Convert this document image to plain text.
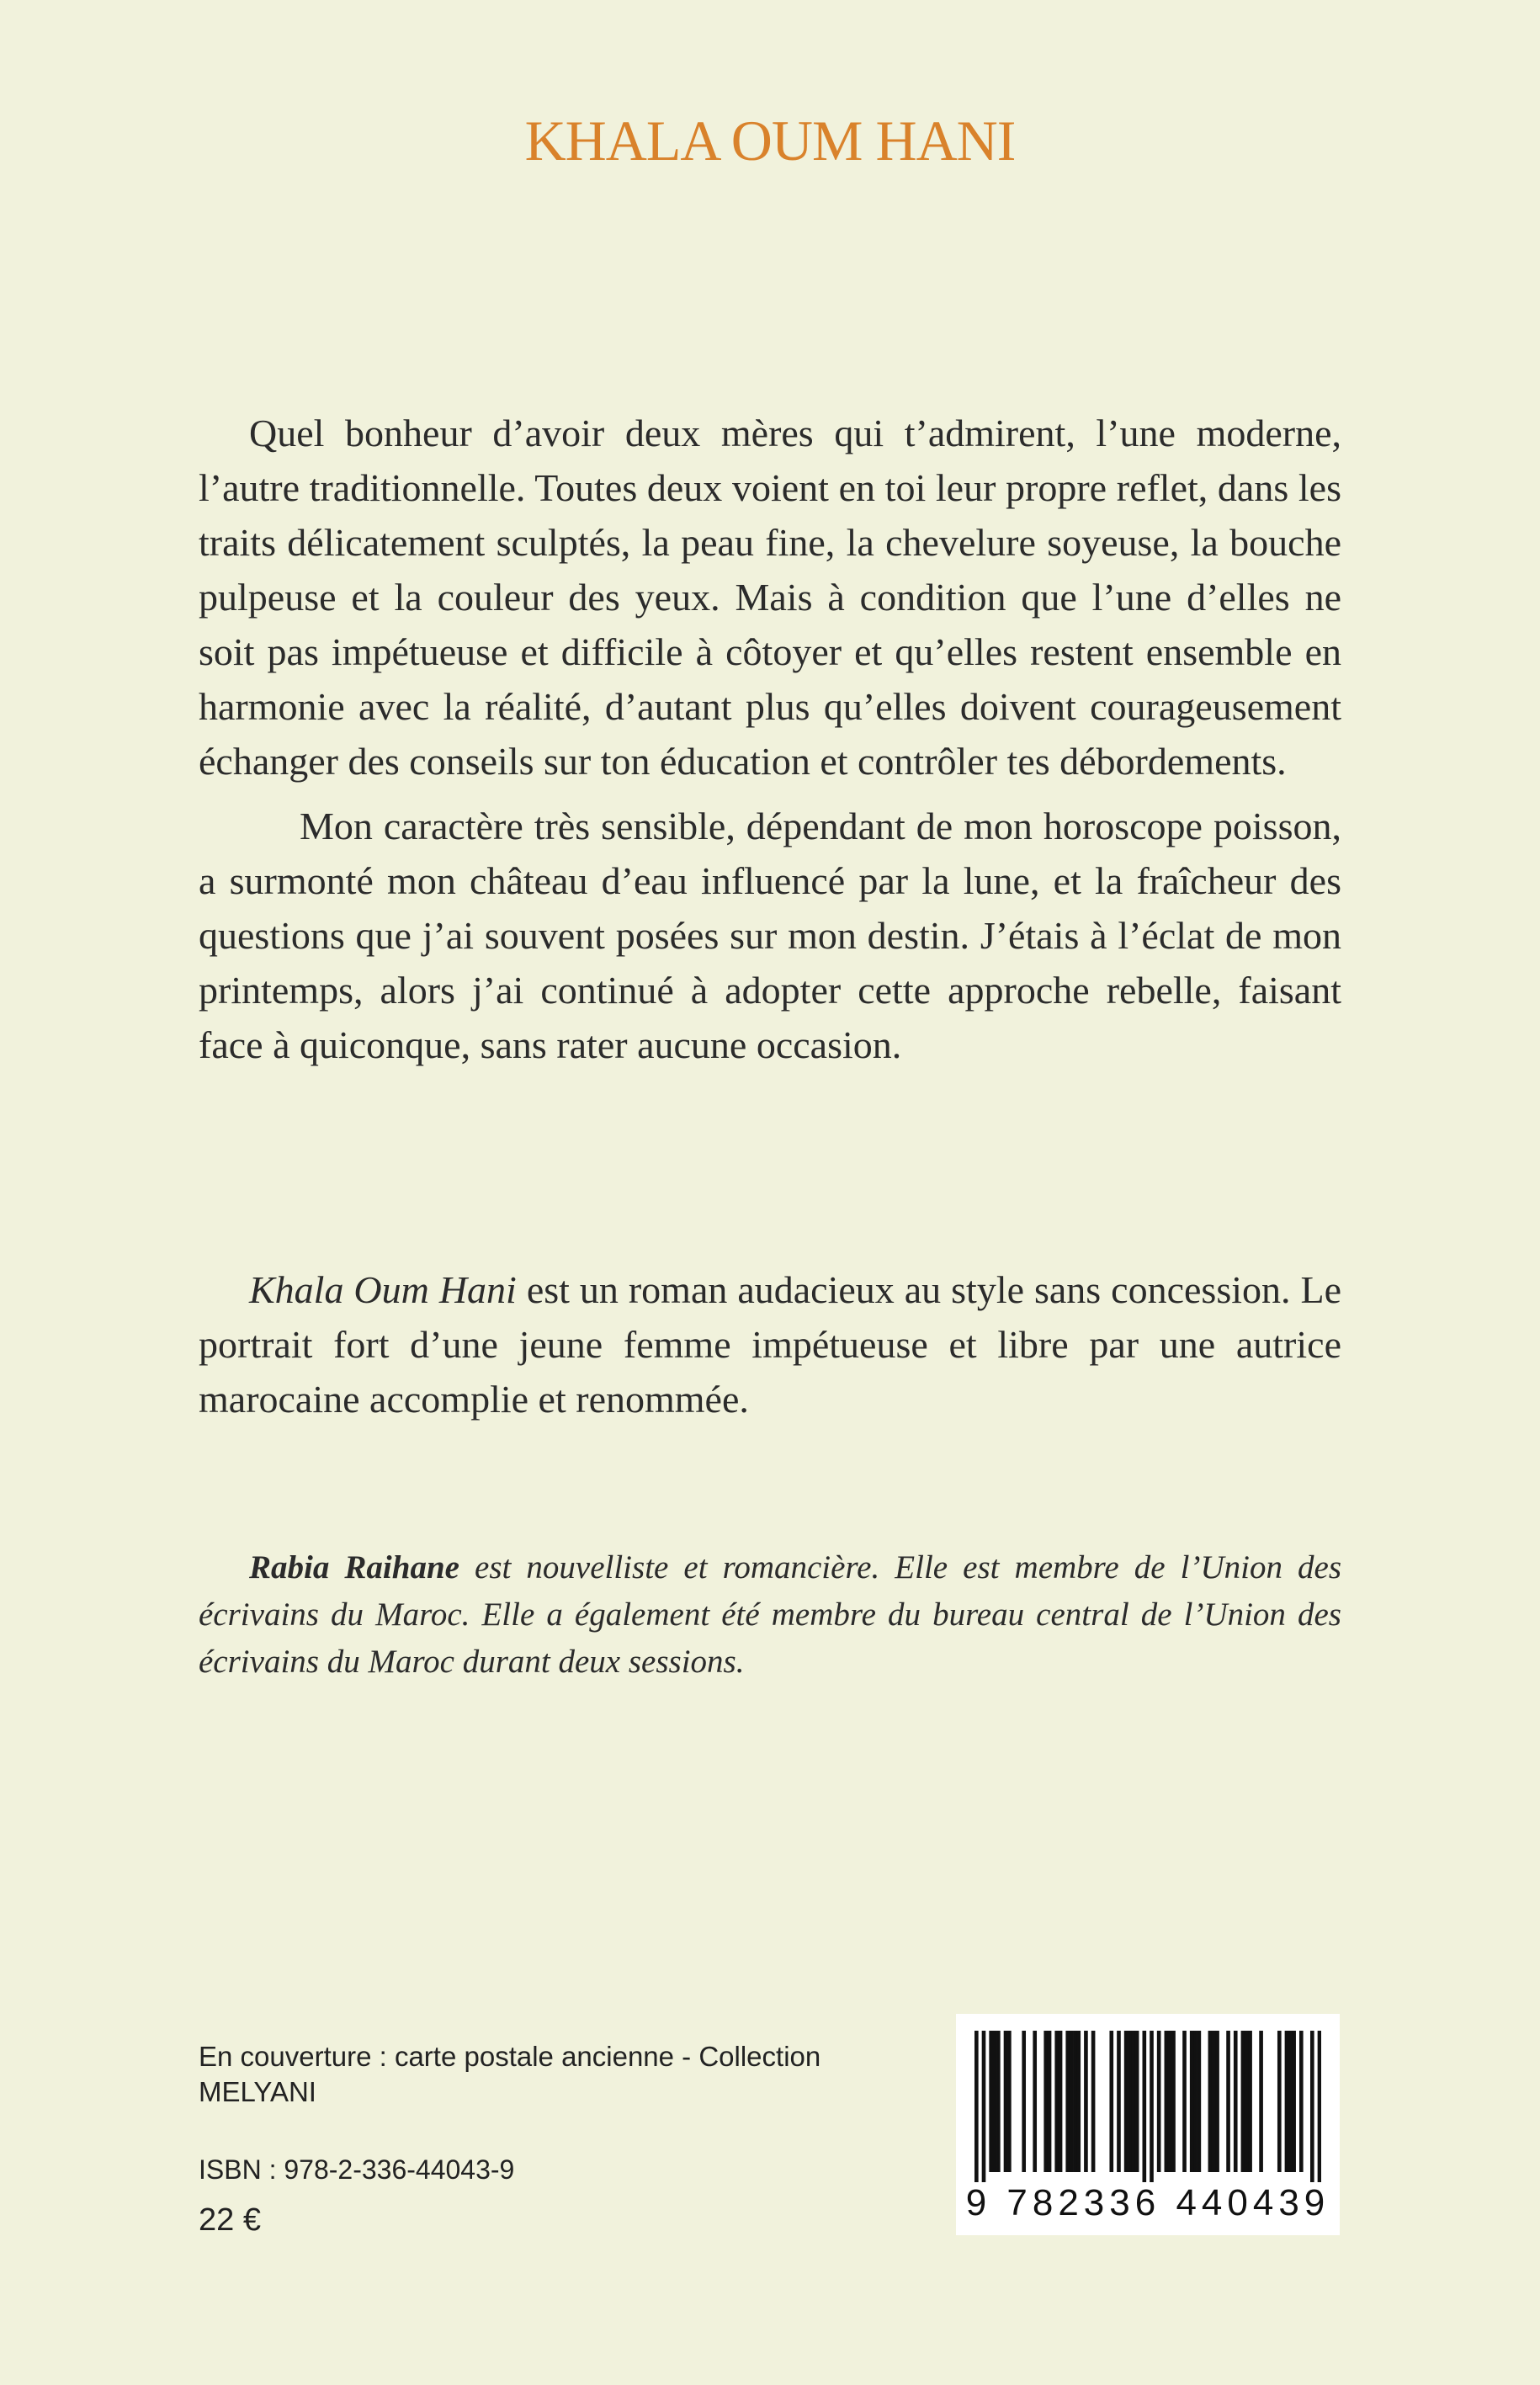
KHALA OUM HANI

Quel bonheur d’avoir deux mères qui t’admirent, l’une moderne, l’autre traditionnelle. Toutes deux voient en toi leur propre reflet, dans les traits délicatement sculptés, la peau fine, la chevelure soyeuse, la bouche pulpeuse et la couleur des yeux. Mais à condition que l’une d’elles ne soit pas impétueuse et difficile à côtoyer et qu’elles restent ensemble en harmonie avec la réalité, d’autant plus qu’elles doivent courageusement échanger des conseils sur ton éducation et contrôler tes débordements.

Mon caractère très sensible, dépendant de mon horoscope poisson, a surmonté mon château d’eau influencé par la lune, et la fraîcheur des questions que j’ai souvent posées sur mon destin. J’étais à l’éclat de mon printemps, alors j’ai continué à adopter cette approche rebelle, faisant face à quiconque, sans rater aucune occasion.

Khala Oum Hani est un roman audacieux au style sans concession. Le portrait fort d’une jeune femme impétueuse et libre par une autrice marocaine accomplie et renommée.

Rabia Raihane est nouvelliste et romancière. Elle est membre de l’Union des écrivains du Maroc. Elle a également été membre du bureau central de l’Union des écrivains du Maroc durant deux sessions.

En couverture : carte postale ancienne - Collection MELYANI
ISBN : 978-2-336-44043-9
22 €	9 782336 440439
